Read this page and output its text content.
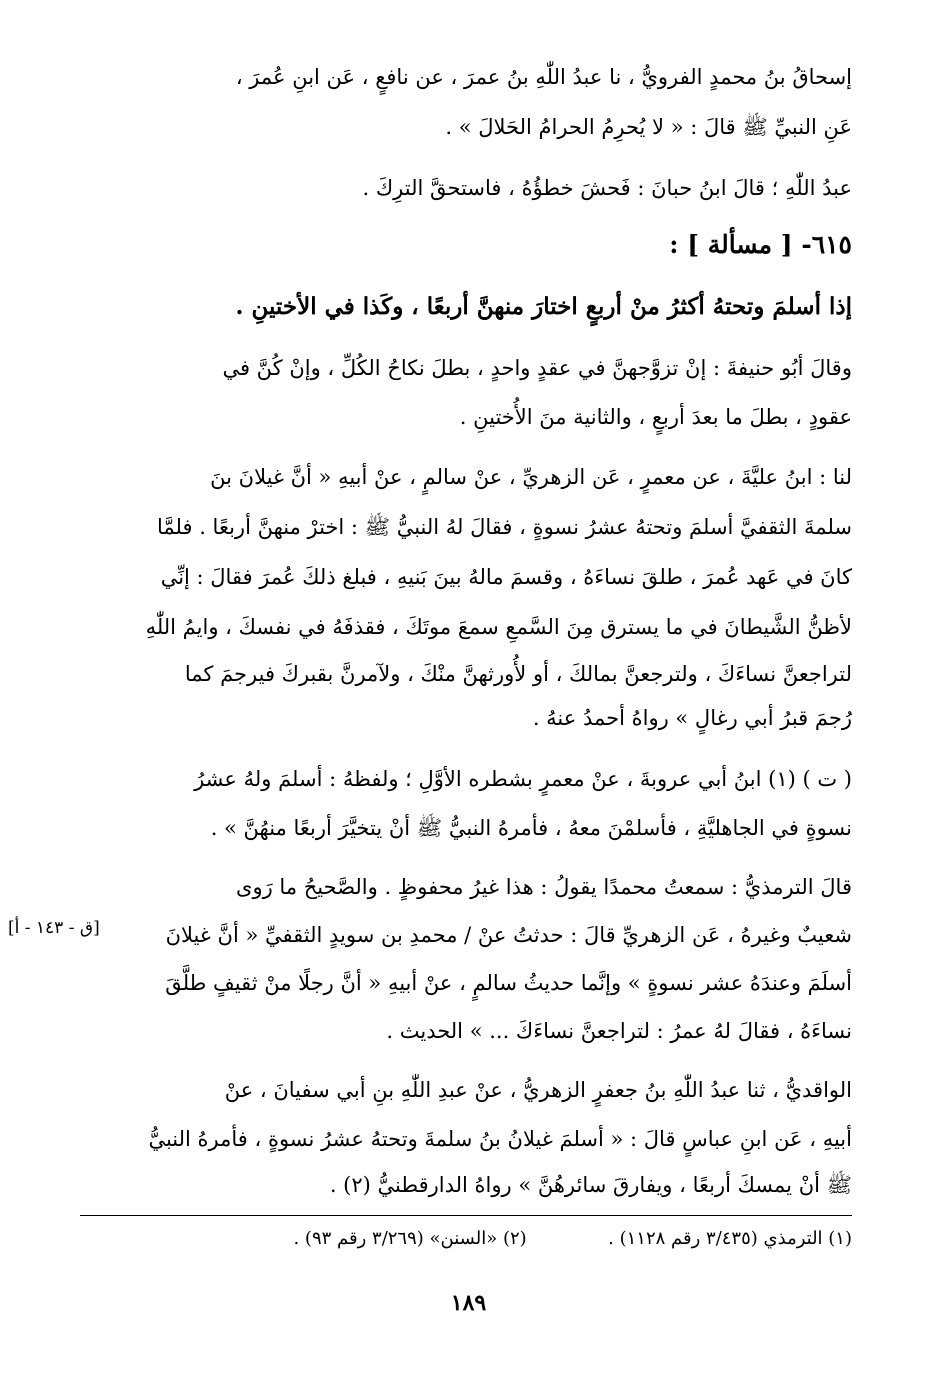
إسحاقُ بنُ محمدٍ الفرويُّ ، نا عبدُ اللّٰهِ بنُ عمرَ ، عن نافعٍ ، عَن ابنِ عُمرَ ،
عَنِ النبيِّ ﷺ قالَ : « لا يُحرِمُ الحرامُ الحَلالَ » .
عبدُ اللّٰهِ ؛ قالَ ابنُ حبانَ : فَحشَ خطؤُهُ ، فاستحقَّ الترِكَ .
٦١٥- [ مسألة ] :
إذا أسلمَ وتحتهُ أكثرُ منْ أربعٍ اختارَ منهنَّ أربعًا ، وكَذا في الأختينِ .
وقالَ أبُو حنيفةَ : إنْ تزوَّجهنَّ في عقدٍ واحدٍ ، بطلَ نكاحُ الكُلِّ ، وإنْ كُنَّ في
عقودٍ ، بطلَ ما بعدَ أربعٍ ، والثانية منَ الأُختينِ .
لنا : ابنُ عليَّةَ ، عن معمرٍ ، عَن الزهريِّ ، عنْ سالمٍ ، عنْ أبيهِ « أنَّ غيلانَ بنَ
سلمةَ الثقفيَّ أسلمَ وتحتهُ عشرُ نسوةٍ ، فقالَ لهُ النبيُّ ﷺ : اخترْ منهنَّ أربعًا . فلمَّا
كانَ في عَهد عُمرَ ، طلقَ نساءَهُ ، وقسمَ مالهُ بينَ بَنيهِ ، فبلغ ذلكَ عُمرَ فقالَ : إنِّي
لأظنُّ الشَّيطانَ في ما يسترق مِنَ السَّمعِ سمعَ موتَكَ ، فقذفَهُ في نفسكَ ، وايمُ اللّٰهِ
لتراجعنَّ نساءَكَ ، ولترجعنَّ بمالكَ ، أو لأُورثهنَّ منْكَ ، ولآمرنَّ بقبركَ فيرجمَ كما
رُجمَ قبرُ أبي رغالٍ » رواهُ أحمدُ عنهُ .
( ت ) (١) ابنُ أبي عروبةَ ، عنْ معمرٍ بشطره الأوَّلِ ؛ ولفظهُ : أسلمَ ولهُ عشرُ
نسوةٍ في الجاهليَّةِ ، فأسلمْنَ معهُ ، فأمرهُ النبيُّ ﷺ أنْ يتخيَّرَ أربعًا منهُنَّ » .
قالَ الترمذيُّ : سمعتُ محمدًا يقولُ : هذا غيرُ محفوظٍ . والصَّحيحُ ما رَوى
شعيبٌ وغيرهُ ، عَن الزهريِّ قالَ : حدثتُ عنْ / محمدِ بن سويدٍ الثقفيِّ « أنَّ غيلانَ
أسلَمَ وعندَهُ عشر نسوةٍ » وإنَّما حديثُ سالمٍ ، عنْ أبيهِ « أنَّ رجلًا منْ ثقيفٍ طلَّقَ
نساءَهُ ، فقالَ لهُ عمرُ : لتراجعنَّ نساءَكَ ... » الحديث .
الواقديُّ ، ثنا عبدُ اللّٰهِ بنُ جعفرٍ الزهريُّ ، عنْ عبدِ اللّٰهِ بنِ أبي سفيانَ ، عنْ
أبيهِ ، عَن ابنِ عباسٍ قالَ : « أسلمَ غيلانُ بنُ سلمةَ وتحتهُ عشرُ نسوةٍ ، فأمرهُ النبيُّ
ﷺ أنْ يمسكَ أربعًا ، ويفارقَ سائرهُنَّ » رواهُ الدارقطنيُّ (٢) .
[ق - ١٤٣ - أ]
(١) الترمذي (٣/٤٣٥ رقم ١١٢٨) .  (٢) «السنن» (٣/٢٦٩ رقم ٩٣) .
١٨٩
